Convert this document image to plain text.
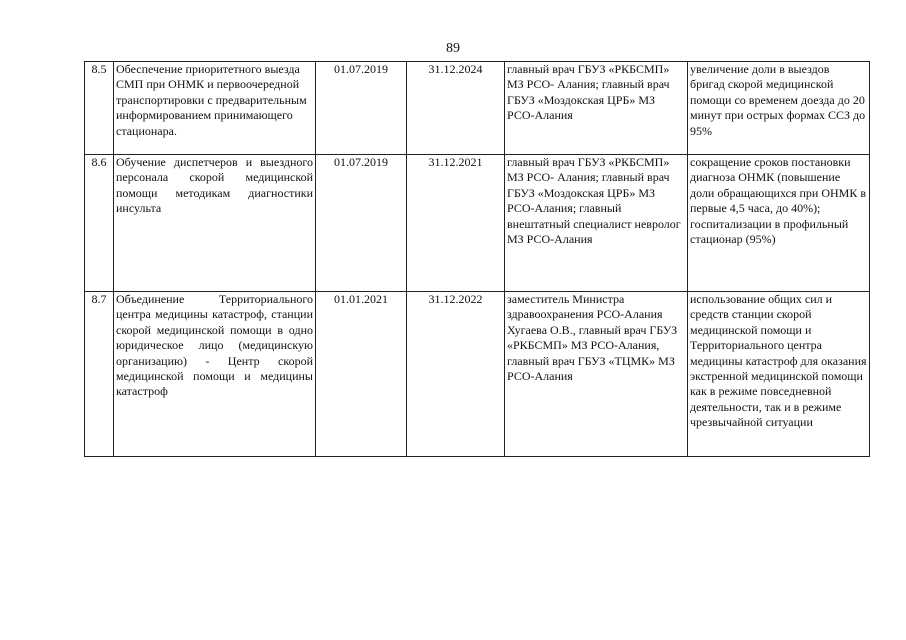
89
8.5	Обеспечение приоритетного выезда СМП при ОНМК и первоочередной транспортировки с предварительным информированием принимающего стационара.	01.07.2019	31.12.2024	главный врач ГБУЗ «РКБСМП» МЗ РСО- Алания; главный врач ГБУЗ «Моздокская ЦРБ» МЗ РСО-Алания	увеличение доли в выездов бригад скорой медицинской помощи со временем доезда до 20 минут при острых формах ССЗ до 95%
8.6	Обучение диспетчеров и выездного персонала скорой медицинской помощи методикам диагностики инсульта	01.07.2019	31.12.2021	главный врач ГБУЗ «РКБСМП» МЗ РСО- Алания; главный врач ГБУЗ «Моздокская ЦРБ» МЗ РСО-Алания; главный внештатный специалист невролог МЗ РСО-Алания	сокращение сроков постановки диагноза ОНМК (повышение доли обращающихся при ОНМК в первые 4,5 часа, до 40%); госпитализации в профильный стационар (95%)
8.7	Объединение Территориального центра медицины катастроф, станции скорой медицинской помощи в одно юридическое лицо (медицинскую организацию) - Центр скорой медицинской помощи и медицины катастроф	01.01.2021	31.12.2022	заместитель Министра здравоохранения РСО-Алания Хугаева О.В., главный врач ГБУЗ «РКБСМП» МЗ РСО-Алания, главный врач ГБУЗ «ТЦМК» МЗ РСО-Алания	использование общих сил и средств станции скорой медицинской помощи и Территориального центра медицины катастроф для оказания экстренной медицинской помощи как в режиме повседневной деятельности, так и в режиме чрезвычайной ситуации
